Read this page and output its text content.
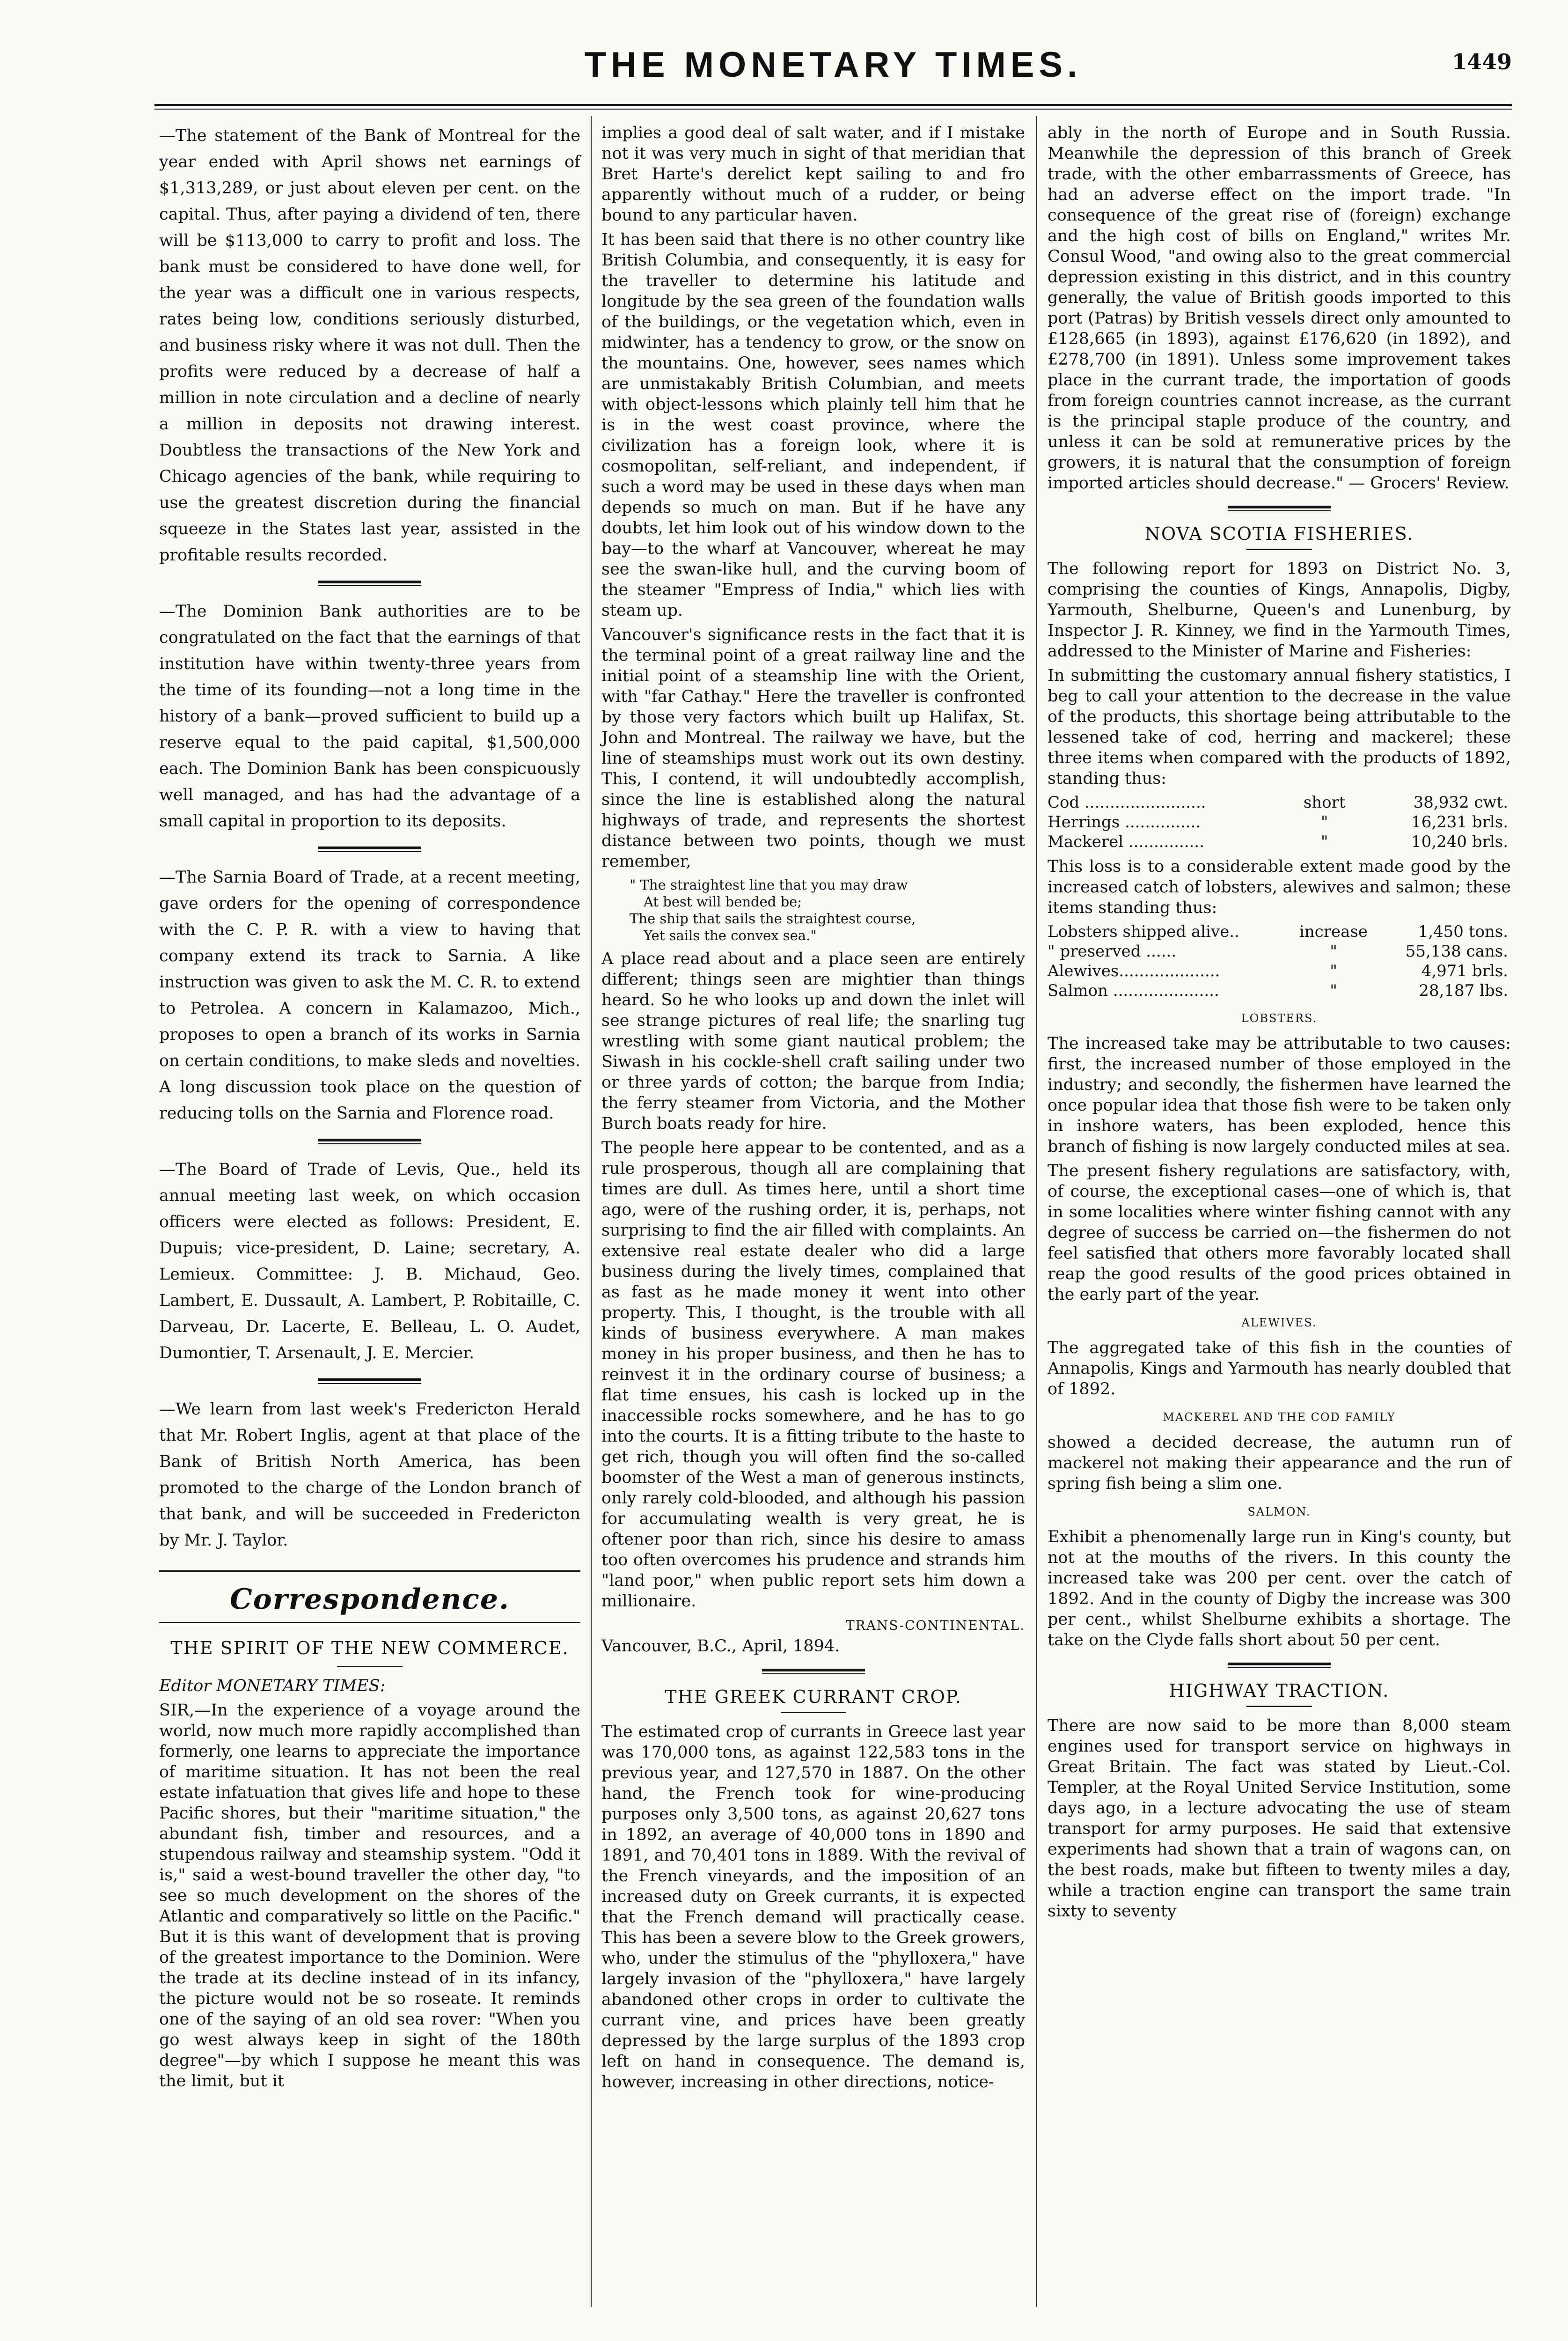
THE MONETARY TIMES.	1449

—The statement of the Bank of Montreal for the year ended with April shows net earnings of $1,313,289, or just about eleven per cent. on the capital. Thus, after paying a dividend of ten, there will be $113,000 to carry to profit and loss. The bank must be considered to have done well, for the year was a difficult one in various respects, rates being low, conditions seriously disturbed, and business risky where it was not dull. Then the profits were reduced by a decrease of half a million in note circulation and a decline of nearly a million in deposits not drawing interest. Doubtless the transactions of the New York and Chicago agencies of the bank, while requiring to use the greatest discretion during the financial squeeze in the States last year, assisted in the profitable results recorded.

—The Dominion Bank authorities are to be congratulated on the fact that the earnings of that institution have within twenty-three years from the time of its founding—not a long time in the history of a bank—proved sufficient to build up a reserve equal to the paid capital, $1,500,000 each. The Dominion Bank has been conspicuously well managed, and has had the advantage of a small capital in proportion to its deposits.

—The Sarnia Board of Trade, at a recent meeting, gave orders for the opening of correspondence with the C. P. R. with a view to having that company extend its track to Sarnia. A like instruction was given to ask the M. C. R. to extend to Petrolea. A concern in Kalamazoo, Mich., proposes to open a branch of its works in Sarnia on certain conditions, to make sleds and novelties. A long discussion took place on the question of reducing tolls on the Sarnia and Florence road.

—The Board of Trade of Levis, Que., held its annual meeting last week, on which occasion officers were elected as follows: President, E. Dupuis; vice-president, D. Laine; secretary, A. Lemieux. Committee: J. B. Michaud, Geo. Lambert, E. Dussault, A. Lambert, P. Robitaille, C. Darveau, Dr. Lacerte, E. Belleau, L. O. Audet, Dumontier, T. Arsenault, J. E. Mercier.

—We learn from last week's Fredericton Herald that Mr. Robert Inglis, agent at that place of the Bank of British North America, has been promoted to the charge of the London branch of that bank, and will be succeeded in Fredericton by Mr. J. Taylor.

Correspondence.
THE SPIRIT OF THE NEW COMMERCE.

Editor MONETARY TIMES:

SIR,—In the experience of a voyage around the world, now much more rapidly accomplished than formerly, one learns to appreciate the importance of maritime situation. It has not been the real estate infatuation that gives life and hope to these Pacific shores, but their "maritime situation," the abundant fish, timber and resources, and a stupendous railway and steamship system. "Odd it is," said a west-bound traveller the other day, "to see so much development on the shores of the Atlantic and comparatively so little on the Pacific." But it is this want of development that is proving of the greatest importance to the Dominion. Were the trade at its decline instead of in its infancy, the picture would not be so roseate. It reminds one of the saying of an old sea rover: "When you go west always keep in sight of the 180th degree"—by which I suppose he meant this was the limit, but it

implies a good deal of salt water, and if I mistake not it was very much in sight of that meridian that Bret Harte's derelict kept sailing to and fro apparently without much of a rudder, or being bound to any particular haven.

It has been said that there is no other country like British Columbia, and consequently, it is easy for the traveller to determine his latitude and longitude by the sea green of the foundation walls of the buildings, or the vegetation which, even in midwinter, has a tendency to grow, or the snow on the mountains. One, however, sees names which are unmistakably British Columbian, and meets with object-lessons which plainly tell him that he is in the west coast province, where the civilization has a foreign look, where it is cosmopolitan, self-reliant, and independent, if such a word may be used in these days when man depends so much on man. But if he have any doubts, let him look out of his window down to the bay—to the wharf at Vancouver, whereat he may see the swan-like hull, and the curving boom of the steamer "Empress of India," which lies with steam up.

Vancouver's significance rests in the fact that it is the terminal point of a great railway line and the initial point of a steamship line with the Orient, with "far Cathay." Here the traveller is confronted by those very factors which built up Halifax, St. John and Montreal. The railway we have, but the line of steamships must work out its own destiny. This, I contend, it will undoubtedly accomplish, since the line is established along the natural highways of trade, and represents the shortest distance between two points, though we must remember,

" The straightest line that you may draw
At best will bended be;
The ship that sails the straightest course,
Yet sails the convex sea."

A place read about and a place seen are entirely different; things seen are mightier than things heard. So he who looks up and down the inlet will see strange pictures of real life; the snarling tug wrestling with some giant nautical problem; the Siwash in his cockle-shell craft sailing under two or three yards of cotton; the barque from India; the ferry steamer from Victoria, and the Mother Burch boats ready for hire.

The people here appear to be contented, and as a rule prosperous, though all are complaining that times are dull. As times here, until a short time ago, were of the rushing order, it is, perhaps, not surprising to find the air filled with complaints. An extensive real estate dealer who did a large business during the lively times, complained that as fast as he made money it went into other property. This, I thought, is the trouble with all kinds of business everywhere. A man makes money in his proper business, and then he has to reinvest it in the ordinary course of business; a flat time ensues, his cash is locked up in the inaccessible rocks somewhere, and he has to go into the courts. It is a fitting tribute to the haste to get rich, though you will often find the so-called boomster of the West a man of generous instincts, only rarely cold-blooded, and although his passion for accumulating wealth is very great, he is oftener poor than rich, since his desire to amass too often overcomes his prudence and strands him "land poor," when public report sets him down a millionaire.

TRANS-CONTINENTAL.

Vancouver, B.C., April, 1894.

THE GREEK CURRANT CROP.

The estimated crop of currants in Greece last year was 170,000 tons, as against 122,583 tons in the previous year, and 127,570 in 1887. On the other hand, the French took for wine-producing purposes only 3,500 tons, as against 20,627 tons in 1892, an average of 40,000 tons in 1890 and 1891, and 70,401 tons in 1889. With the revival of the French vineyards, and the imposition of an increased duty on Greek currants, it is expected that the French demand will practically cease. This has been a severe blow to the Greek growers, who, under the stimulus of the "phylloxera," have largely invasion of the "phylloxera," have largely abandoned other crops in order to cultivate the currant vine, and prices have been greatly depressed by the large surplus of the 1893 crop left on hand in consequence. The demand is, however, increasing in other directions, notice-

ably in the north of Europe and in South Russia. Meanwhile the depression of this branch of Greek trade, with the other embarrassments of Greece, has had an adverse effect on the import trade. "In consequence of the great rise of (foreign) exchange and the high cost of bills on England," writes Mr. Consul Wood, "and owing also to the great commercial depression existing in this district, and in this country generally, the value of British goods imported to this port (Patras) by British vessels direct only amounted to £128,665 (in 1893), against £176,620 (in 1892), and £278,700 (in 1891). Unless some improvement takes place in the currant trade, the importation of goods from foreign countries cannot increase, as the currant is the principal staple produce of the country, and unless it can be sold at remunerative prices by the growers, it is natural that the consumption of foreign imported articles should decrease." — Grocers' Review.

NOVA SCOTIA FISHERIES.

The following report for 1893 on District No. 3, comprising the counties of Kings, Annapolis, Digby, Yarmouth, Shelburne, Queen's and Lunenburg, by Inspector J. R. Kinney, we find in the Yarmouth Times, addressed to the Minister of Marine and Fisheries:

In submitting the customary annual fishery statistics, I beg to call your attention to the decrease in the value of the products, this shortage being attributable to the lessened take of cod, herring and mackerel; these three items when compared with the products of 1892, standing thus:

Cod ........................	short	38,932 cwt.
Herrings ...............	"	16,231 brls.
Mackerel ...............	"	10,240 brls.

This loss is to a considerable extent made good by the increased catch of lobsters, alewives and salmon; these items standing thus:

Lobsters shipped alive..	increase	1,450 tons.
" preserved ......	"	55,138 cans.
Alewives....................	"	4,971 brls.
Salmon .....................	"	28,187 lbs.
LOBSTERS.

The increased take may be attributable to two causes: first, the increased number of those employed in the industry; and secondly, the fishermen have learned the once popular idea that those fish were to be taken only in inshore waters, has been exploded, hence this branch of fishing is now largely conducted miles at sea.

The present fishery regulations are satisfactory, with, of course, the exceptional cases—one of which is, that in some localities where winter fishing cannot with any degree of success be carried on—the fishermen do not feel satisfied that others more favorably located shall reap the good results of the good prices obtained in the early part of the year.

ALEWIVES.

The aggregated take of this fish in the counties of Annapolis, Kings and Yarmouth has nearly doubled that of 1892.

MACKEREL AND THE COD FAMILY

showed a decided decrease, the autumn run of mackerel not making their appearance and the run of spring fish being a slim one.

SALMON.

Exhibit a phenomenally large run in King's county, but not at the mouths of the rivers. In this county the increased take was 200 per cent. over the catch of 1892. And in the county of Digby the increase was 300 per cent., whilst Shelburne exhibits a shortage. The take on the Clyde falls short about 50 per cent.

HIGHWAY TRACTION.

There are now said to be more than 8,000 steam engines used for transport service on highways in Great Britain. The fact was stated by Lieut.-Col. Templer, at the Royal United Service Institution, some days ago, in a lecture advocating the use of steam transport for army purposes. He said that extensive experiments had shown that a train of wagons can, on the best roads, make but fifteen to twenty miles a day, while a traction engine can transport the same train sixty to seventy
